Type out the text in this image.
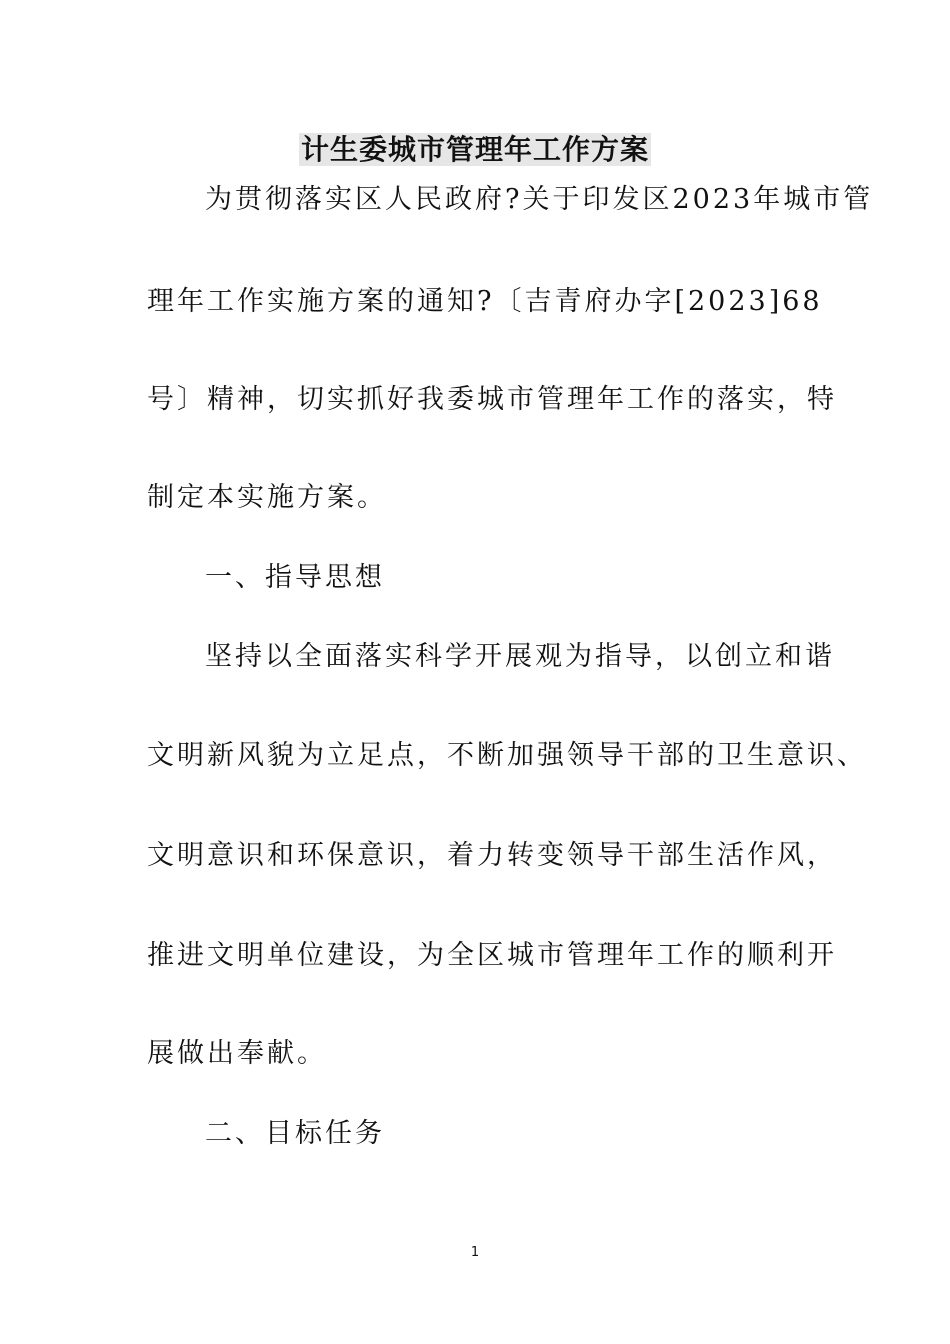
计生委城市管理年工作方案
为贯彻落实区人民政府?关于印发区2023年城市管
理年工作实施方案的通知?〔吉青府办字[2023]68
号〕精神，切实抓好我委城市管理年工作的落实，特
制定本实施方案。
一、指导思想
坚持以全面落实科学开展观为指导，以创立和谐
文明新风貌为立足点，不断加强领导干部的卫生意识、
文明意识和环保意识，着力转变领导干部生活作风，
推进文明单位建设，为全区城市管理年工作的顺利开
展做出奉献。
二、目标任务
1
